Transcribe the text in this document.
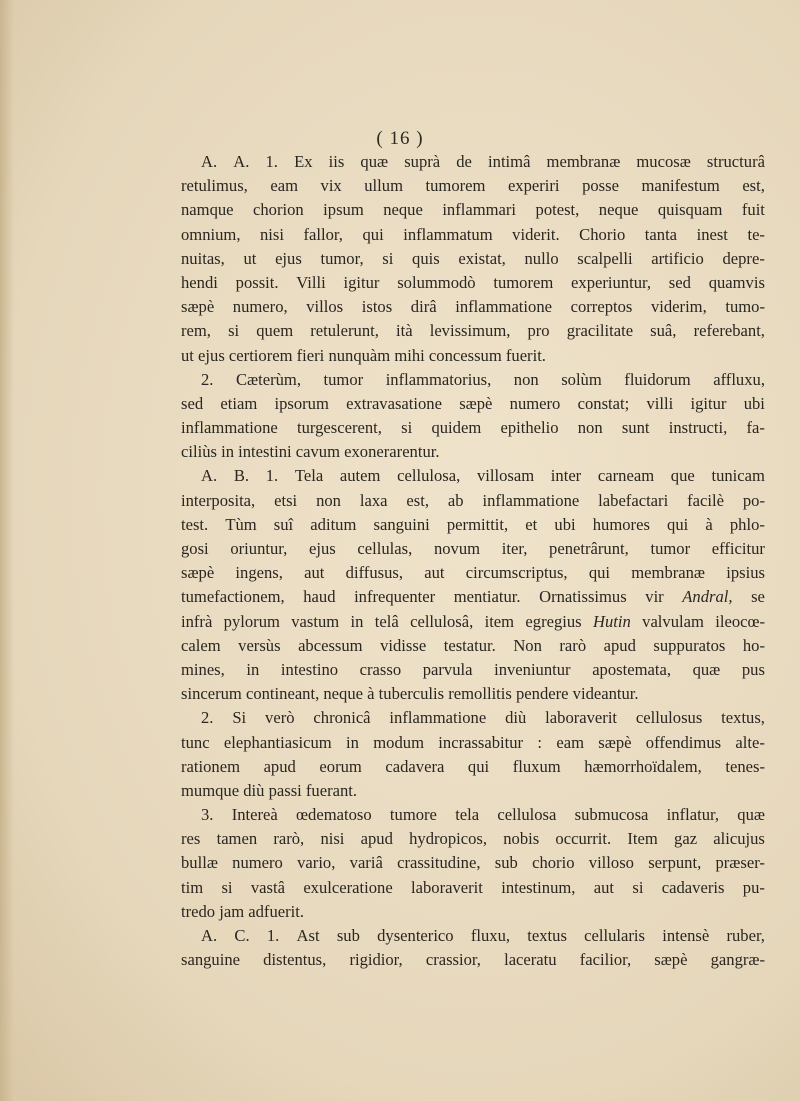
( 16 )
A. A. 1. Ex iis quæ suprà de intimâ membranæ mucosæ structurâ
retulimus, eam vix ullum tumorem experiri posse manifestum est,
namque chorion ipsum neque inflammari potest, neque quisquam fuit
omnium, nisi fallor, qui inflammatum viderit. Chorio tanta inest te-
nuitas, ut ejus tumor, si quis existat, nullo scalpelli artificio depre-
hendi possit. Villi igitur solummodò tumorem experiuntur, sed quamvis
sæpè numero, villos istos dirâ inflammatione correptos viderim, tumo-
rem, si quem retulerunt, ità levissimum, pro gracilitate suâ, referebant,
ut ejus certiorem fieri nunquàm mihi concessum fuerit.
2. Cæterùm, tumor inflammatorius, non solùm fluidorum affluxu,
sed etiam ipsorum extravasatione sæpè numero constat; villi igitur ubi
inflammatione turgescerent, si quidem epithelio non sunt instructi, fa-
ciliùs in intestini cavum exonerarentur.
A. B. 1. Tela autem cellulosa, villosam inter carneam que tunicam
interposita, etsi non laxa est, ab inflammatione labefactari facilè po-
test. Tùm suî aditum sanguini permittit, et ubi humores qui à phlo-
gosi oriuntur, ejus cellulas, novum iter, penetrârunt, tumor efficitur
sæpè ingens, aut diffusus, aut circumscriptus, qui membranæ ipsius
tumefactionem, haud infrequenter mentiatur. Ornatissimus vir Andral, se
infrà pylorum vastum in telâ cellulosâ, item egregius Hutin valvulam ileocœ-
calem versùs abcessum vidisse testatur. Non rarò apud suppuratos ho-
mines, in intestino crasso parvula inveniuntur apostemata, quæ pus
sincerum contineant, neque à tuberculis remollitis pendere videantur.
2. Si verò chronicâ inflammatione diù laboraverit cellulosus textus,
tunc elephantiasicum in modum incrassabitur : eam sæpè offendimus alte-
rationem apud eorum cadavera qui fluxum hæmorrhoïdalem, tenes-
mumque diù passi fuerant.
3. Intereà œdematoso tumore tela cellulosa submucosa inflatur, quæ
res tamen rarò, nisi apud hydropicos, nobis occurrit. Item gaz alicujus
bullæ numero vario, variâ crassitudine, sub chorio villoso serpunt, præser-
tim si vastâ exulceratione laboraverit intestinum, aut si cadaveris pu-
tredo jam adfuerit.
A. C. 1. Ast sub dysenterico fluxu, textus cellularis intensè ruber,
sanguine distentus, rigidior, crassior, laceratu facilior, sæpè gangræ-
